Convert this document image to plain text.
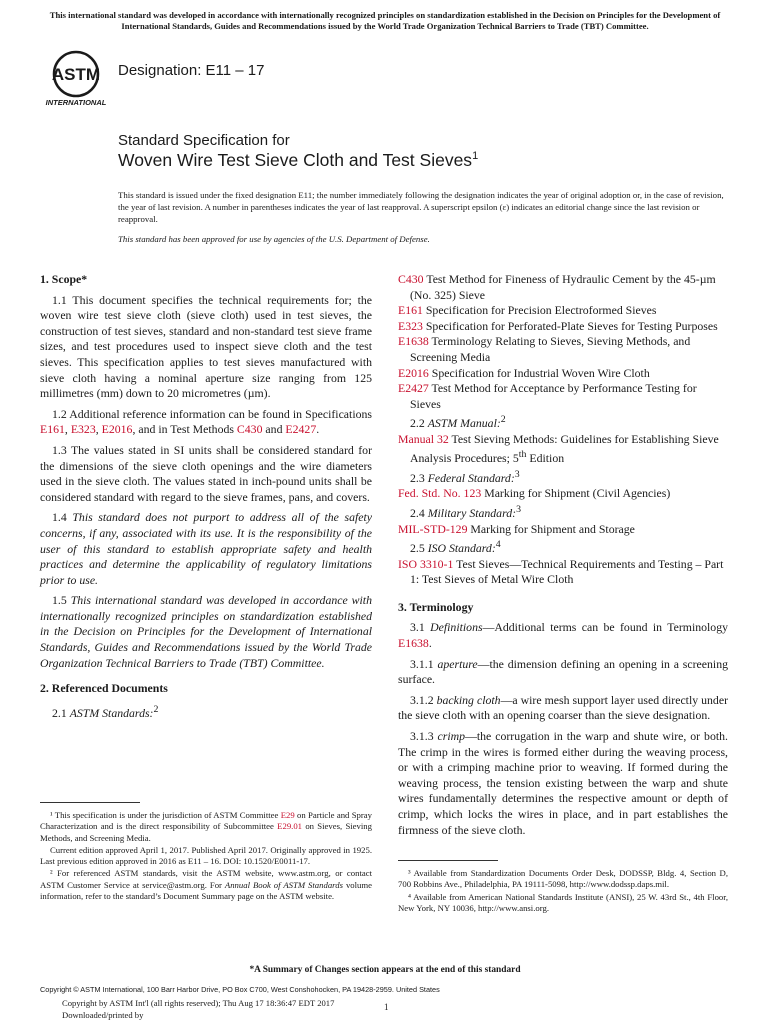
This international standard was developed in accordance with internationally recognized principles on standardization established in the Decision on Principles for the Development of International Standards, Guides and Recommendations issued by the World Trade Organization Technical Barriers to Trade (TBT) Committee.
ASTM
INTERNATIONAL
Designation: E11 – 17
Standard Specification for
Woven Wire Test Sieve Cloth and Test Sieves$^1$
This standard is issued under the fixed designation E11; the number immediately following the designation indicates the year of original adoption or, in the case of revision, the year of last revision. A number in parentheses indicates the year of last reapproval. A superscript epsilon (ε) indicates an editorial change since the last revision or reapproval.
This standard has been approved for use by agencies of the U.S. Department of Defense.

1. Scope*

1.1 This document specifies the technical requirements for; the woven wire test sieve cloth (sieve cloth) used in test sieves, the construction of test sieves, standard and non-standard test sieve frame sizes, and test procedures used to inspect sieve cloth and the test sieves. This specification applies to test sieves manufactured with sieve cloth having a nominal aperture size ranging from 125 millimetres (mm) down to 20 micrometres (µm).

1.2 Additional reference information can be found in Specifications E161, E323, E2016, and in Test Methods C430 and E2427.

1.3 The values stated in SI units shall be considered standard for the dimensions of the sieve cloth openings and the wire diameters used in the sieve cloth. The values stated in inch-pound units shall be considered standard with regard to the sieve frames, pans, and covers.

1.4 This standard does not purport to address all of the safety concerns, if any, associated with its use. It is the responsibility of the user of this standard to establish appropriate safety and health practices and determine the applicability of regulatory limitations prior to use.

1.5 This international standard was developed in accordance with internationally recognized principles on standardization established in the Decision on Principles for the Development of International Standards, Guides and Recommendations issued by the World Trade Organization Technical Barriers to Trade (TBT) Committee.

2. Referenced Documents

2.1 ASTM Standards:$^2$

C430 Test Method for Fineness of Hydraulic Cement by the 45-µm (No. 325) Sieve
E161 Specification for Precision Electroformed Sieves
E323 Specification for Perforated-Plate Sieves for Testing Purposes
E1638 Terminology Relating to Sieves, Sieving Methods, and Screening Media
E2016 Specification for Industrial Woven Wire Cloth
E2427 Test Method for Acceptance by Performance Testing for Sieves
2.2 ASTM Manual:$^2$
Manual 32 Test Sieving Methods: Guidelines for Establishing Sieve Analysis Procedures; 5th Edition
2.3 Federal Standard:$^3$
Fed. Std. No. 123 Marking for Shipment (Civil Agencies)
2.4 Military Standard:$^3$
MIL-STD-129 Marking for Shipment and Storage
2.5 ISO Standard:$^4$
ISO 3310-1 Test Sieves—Technical Requirements and Testing – Part 1: Test Sieves of Metal Wire Cloth

3. Terminology

3.1 Definitions—Additional terms can be found in Terminology E1638.

3.1.1 aperture—the dimension defining an opening in a screening surface.

3.1.2 backing cloth—a wire mesh support layer used directly under the sieve cloth with an opening coarser than the sieve designation.

3.1.3 crimp—the corrugation in the warp and shute wire, or both. The crimp in the wires is formed either during the weaving process, or with a crimping machine prior to weaving. If formed during the weaving process, the tension existing between the warp and shute wires fundamentally determines the respective amount or depth of crimp, which locks the wires in place, and in part establishes the firmness of the sieve cloth.

¹ This specification is under the jurisdiction of ASTM Committee E29 on Particle and Spray Characterization and is the direct responsibility of Subcommittee E29.01 on Sieves, Sieving Methods, and Screening Media.

Current edition approved April 1, 2017. Published April 2017. Originally approved in 1925. Last previous edition approved in 2016 as E11 – 16. DOI: 10.1520/E0011-17.

² For referenced ASTM standards, visit the ASTM website, www.astm.org, or contact ASTM Customer Service at service@astm.org. For Annual Book of ASTM Standards volume information, refer to the standard’s Document Summary page on the ASTM website.

³ Available from Standardization Documents Order Desk, DODSSP, Bldg. 4, Section D, 700 Robbins Ave., Philadelphia, PA 19111-5098, http://www.dodssp.daps.mil.

⁴ Available from American National Standards Institute (ANSI), 25 W. 43rd St., 4th Floor, New York, NY 10036, http://www.ansi.org.

*A Summary of Changes section appears at the end of this standard
Copyright © ASTM International, 100 Barr Harbor Drive, PO Box C700, West Conshohocken, PA 19428-2959. United States
Copyright by ASTM Int'l (all rights reserved); Thu Aug 17 18:36:47 EDT 2017
Downloaded/printed by
1
